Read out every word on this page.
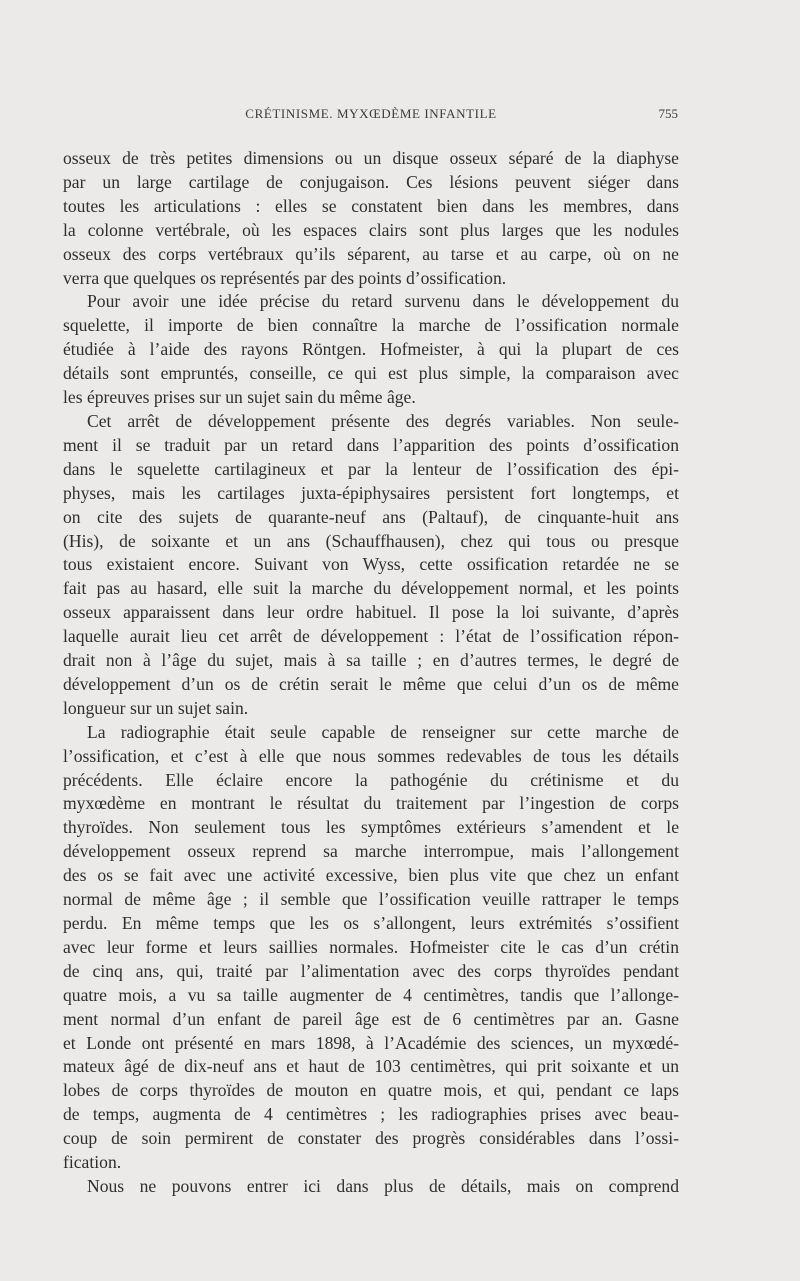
CRÉTINISME. MYXŒDÈME INFANTILE	755
osseux de très petites dimensions ou un disque osseux séparé de la diaphyse
par un large cartilage de conjugaison. Ces lésions peuvent siéger dans
toutes les articulations : elles se constatent bien dans les membres, dans
la colonne vertébrale, où les espaces clairs sont plus larges que les nodules
osseux des corps vertébraux qu’ils séparent, au tarse et au carpe, où on ne
verra que quelques os représentés par des points d’ossification.
Pour avoir une idée précise du retard survenu dans le développement du
squelette, il importe de bien connaître la marche de l’ossification normale
étudiée à l’aide des rayons Röntgen. Hofmeister, à qui la plupart de ces
détails sont empruntés, conseille, ce qui est plus simple, la comparaison avec
les épreuves prises sur un sujet sain du même âge.
Cet arrêt de développement présente des degrés variables. Non seule-
ment il se traduit par un retard dans l’apparition des points d’ossification
dans le squelette cartilagineux et par la lenteur de l’ossification des épi-
physes, mais les cartilages juxta-épiphysaires persistent fort longtemps, et
on cite des sujets de quarante-neuf ans (Paltauf), de cinquante-huit ans
(His), de soixante et un ans (Schauffhausen), chez qui tous ou presque
tous existaient encore. Suivant von Wyss, cette ossification retardée ne se
fait pas au hasard, elle suit la marche du développement normal, et les points
osseux apparaissent dans leur ordre habituel. Il pose la loi suivante, d’après
laquelle aurait lieu cet arrêt de développement : l’état de l’ossification répon-
drait non à l’âge du sujet, mais à sa taille ; en d’autres termes, le degré de
développement d’un os de crétin serait le même que celui d’un os de même
longueur sur un sujet sain.
La radiographie était seule capable de renseigner sur cette marche de
l’ossification, et c’est à elle que nous sommes redevables de tous les détails
précédents. Elle éclaire encore la pathogénie du crétinisme et du
myxœdème en montrant le résultat du traitement par l’ingestion de corps
thyroïdes. Non seulement tous les symptômes extérieurs s’amendent et le
développement osseux reprend sa marche interrompue, mais l’allongement
des os se fait avec une activité excessive, bien plus vite que chez un enfant
normal de même âge ; il semble que l’ossification veuille rattraper le temps
perdu. En même temps que les os s’allongent, leurs extrémités s’ossifient
avec leur forme et leurs saillies normales. Hofmeister cite le cas d’un crétin
de cinq ans, qui, traité par l’alimentation avec des corps thyroïdes pendant
quatre mois, a vu sa taille augmenter de 4 centimètres, tandis que l’allonge-
ment normal d’un enfant de pareil âge est de 6 centimètres par an. Gasne
et Londe ont présenté en mars 1898, à l’Académie des sciences, un myxœdé-
mateux âgé de dix-neuf ans et haut de 103 centimètres, qui prit soixante et un
lobes de corps thyroïdes de mouton en quatre mois, et qui, pendant ce laps
de temps, augmenta de 4 centimètres ; les radiographies prises avec beau-
coup de soin permirent de constater des progrès considérables dans l’ossi-
fication.
Nous ne pouvons entrer ici dans plus de détails, mais on comprend
